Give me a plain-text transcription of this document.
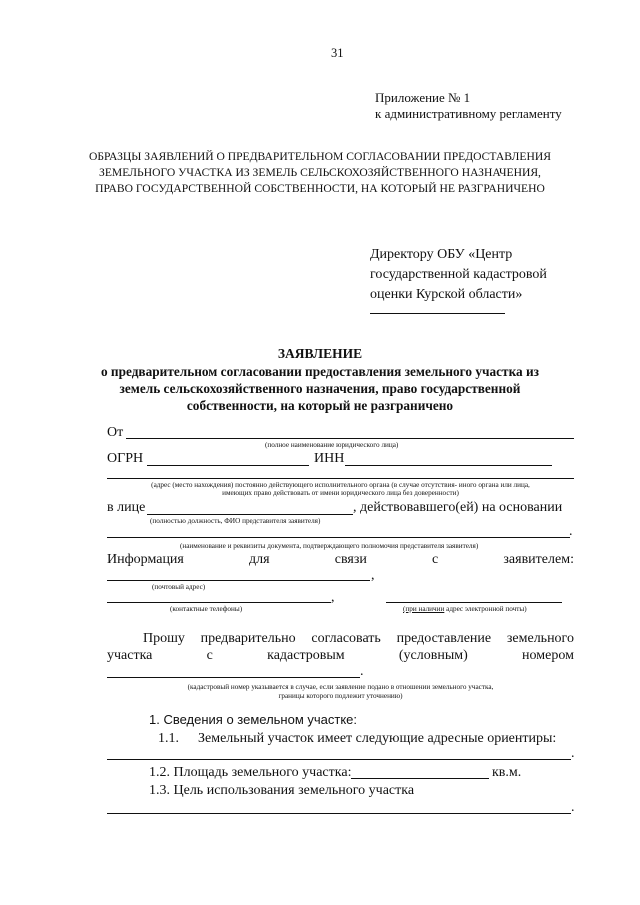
31
Приложение № 1
к административному регламенту
ОБРАЗЦЫ ЗАЯВЛЕНИЙ О ПРЕДВАРИТЕЛЬНОМ СОГЛАСОВАНИИ ПРЕДОСТАВЛЕНИЯ
ЗЕМЕЛЬНОГО УЧАСТКА ИЗ ЗЕМЕЛЬ СЕЛЬСКОХОЗЯЙСТВЕННОГО НАЗНАЧЕНИЯ,
ПРАВО ГОСУДАРСТВЕННОЙ СОБСТВЕННОСТИ, НА КОТОРЫЙ НЕ РАЗГРАНИЧЕНО
Директору ОБУ «Центр
государственной кадастровой
оценки Курской области»
ЗАЯВЛЕНИЕ
о предварительном согласовании предоставления земельного участка из
земель сельскохозяйственного назначения, право государственной
собственности, на который не разграничено
От
(полное наименование юридического лица)
ОГРН	ИНН
(адрес (место нахождения) постоянно действующего исполнительного органа (в случае отсутствия- иного органа или лица,
имеющих право действовать от имени юридического лица без доверенности)
в лице	, действовавшего(ей) на основании
(полностью должность, ФИО представителя заявителя)
.
(наименование и реквизиты документа, подтверждающего полномочия представителя заявителя)
Информация	для	связи	с	заявителем:
,
(почтовый адрес)
,
(контактные телефоны)	(при наличии адрес электронной почты)
Прошу предварительно согласовать предоставление земельного
участка	с	кадастровым	(условным)	номером
.
(кадастровый номер указывается в случае, если заявление подано в отношении земельного участка,
границы которого подлежит уточнению)
1. Сведения о земельном участке:
1.1. Земельный участок имеет следующие адресные ориентиры:
.
1.2. Площадь земельного участка:	кв.м.
1.3. Цель использования земельного участка
.
